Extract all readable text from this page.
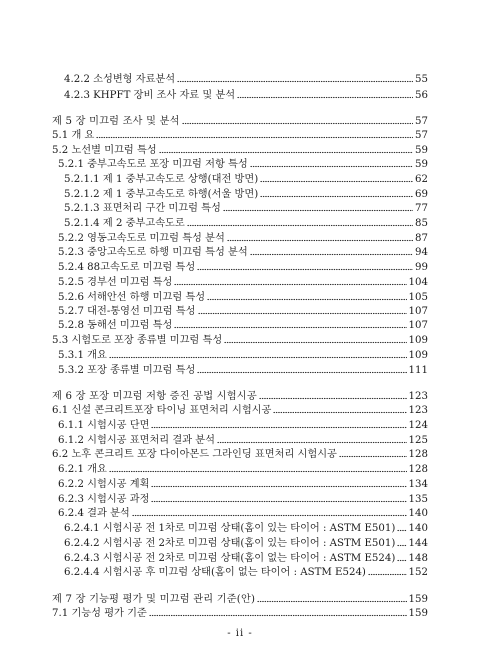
4.2.2 소성변형 자료분석	55
4.2.3 KHPFT 장비 조사 자료 및 분석	56
제 5 장 미끄럼 조사 및 분석	57
5.1 개 요	57
5.2 노선별 미끄럼 특성	59
5.2.1 중부고속도로 포장 미끄럼 저항 특성	59
5.2.1.1 제 1 중부고속도로 상행(대전 방면)	62
5.2.1.2 제 1 중부고속도로 하행(서울 방면)	69
5.2.1.3 표면처리 구간 미끄럼 특성	77
5.2.1.4 제 2 중부고속도로	85
5.2.2 영동고속도로 미끄럼 특성 분석	87
5.2.3 중앙고속도로 하행 미끄럼 특성 분석	94
5.2.4 88고속도로 미끄럼 특성	99
5.2.5 경부선 미끄럼 특성	104
5.2.6 서해안선 하행 미끄럼 특성	105
5.2.7 대전-통영선 미끄럼 특성	107
5.2.8 동해선 미끄럼 특성	107
5.3 시험도로 포장 종류별 미끄럼 특성	109
5.3.1 개요	109
5.3.2 포장 종류별 미끄럼 특성	111
제 6 장 포장 미끄럼 저항 증진 공법 시험시공	123
6.1 신설 콘크리트포장 타이닝 표면처리 시험시공	123
6.1.1 시험시공 단면	124
6.1.2 시험시공 표면처리 결과 분석	125
6.2 노후 콘크리트 포장 다이아몬드 그라인딩 표면처리 시험시공	128
6.2.1 개요	128
6.2.2 시험시공 계획	134
6.2.3 시험시공 과정	135
6.2.4 결과 분석	140
6.2.4.1 시험시공 전 1차로 미끄럼 상태(홈이 있는 타이어 : ASTM E501) 140
6.2.4.2 시험시공 전 2차로 미끄럼 상태(홈이 있는 타이어 : ASTM E501) 144
6.2.4.3 시험시공 전 2차로 미끄럼 상태(홈이 없는 타이어 : ASTM E524) 148
6.2.4.4 시험시공 후 미끄럼 상태(홈이 없는 타이어 : ASTM E524)	152
제 7 장 기능평 평가 및 미끄럼 관리 기준(안)	159
7.1 기능성 평가 기준	159
- ii -
